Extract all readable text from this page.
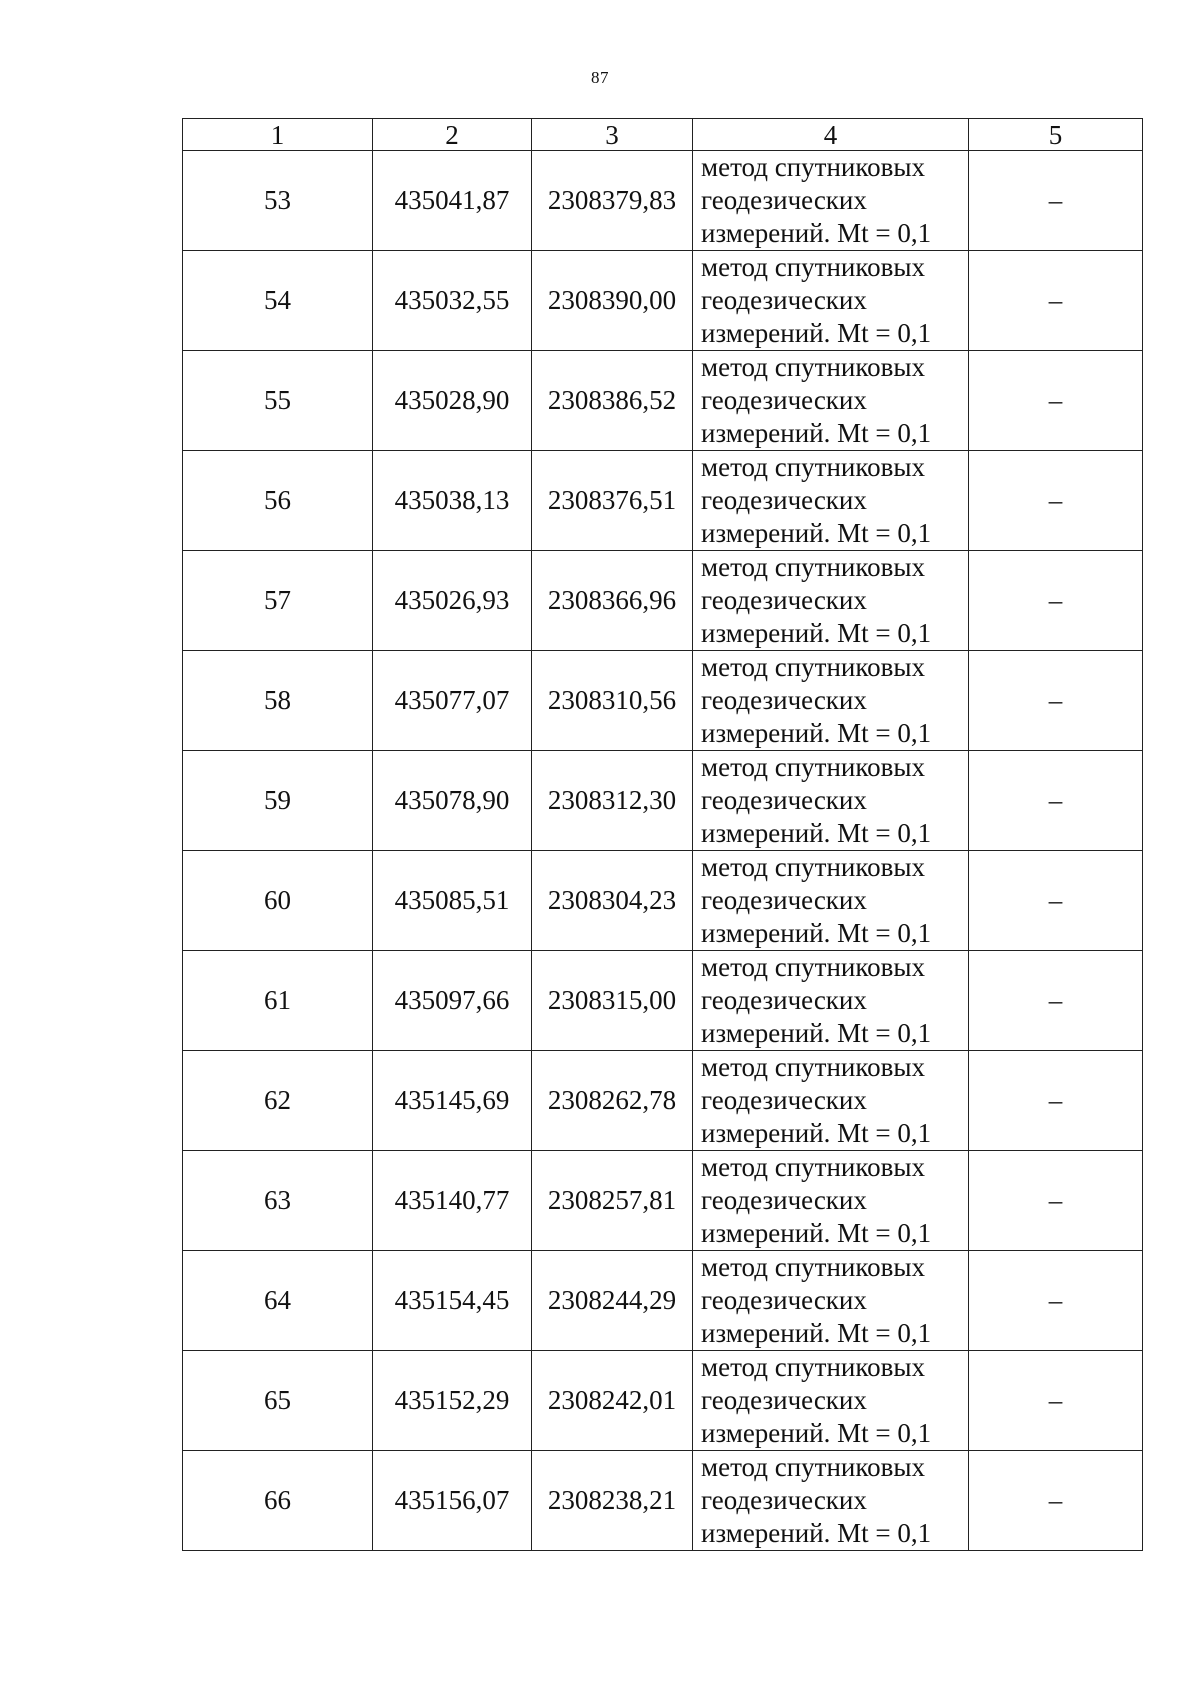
87
1	2	3	4	5
53	435041,87	2308379,83	метод спутниковых
геодезических
измерений. Mt = 0,1	–
54	435032,55	2308390,00	метод спутниковых
геодезических
измерений. Mt = 0,1	–
55	435028,90	2308386,52	метод спутниковых
геодезических
измерений. Mt = 0,1	–
56	435038,13	2308376,51	метод спутниковых
геодезических
измерений. Mt = 0,1	–
57	435026,93	2308366,96	метод спутниковых
геодезических
измерений. Mt = 0,1	–
58	435077,07	2308310,56	метод спутниковых
геодезических
измерений. Mt = 0,1	–
59	435078,90	2308312,30	метод спутниковых
геодезических
измерений. Mt = 0,1	–
60	435085,51	2308304,23	метод спутниковых
геодезических
измерений. Mt = 0,1	–
61	435097,66	2308315,00	метод спутниковых
геодезических
измерений. Mt = 0,1	–
62	435145,69	2308262,78	метод спутниковых
геодезических
измерений. Mt = 0,1	–
63	435140,77	2308257,81	метод спутниковых
геодезических
измерений. Mt = 0,1	–
64	435154,45	2308244,29	метод спутниковых
геодезических
измерений. Mt = 0,1	–
65	435152,29	2308242,01	метод спутниковых
геодезических
измерений. Mt = 0,1	–
66	435156,07	2308238,21	метод спутниковых
геодезических
измерений. Mt = 0,1	–
